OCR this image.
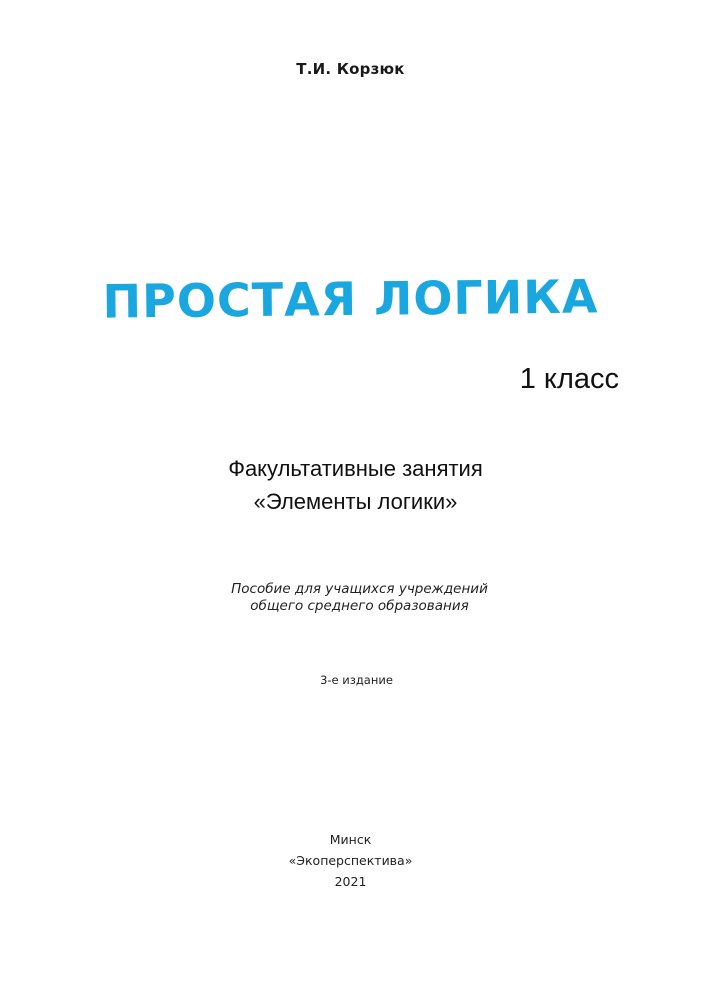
Т.И. Корзюк
ПРОСТАЯ ЛОГИКА
1 класс
Факультативные занятия
«Элементы логики»
Пособие для учащихся учреждений
общего среднего образования
3-е издание
Минск
«Экоперспектива»
2021
